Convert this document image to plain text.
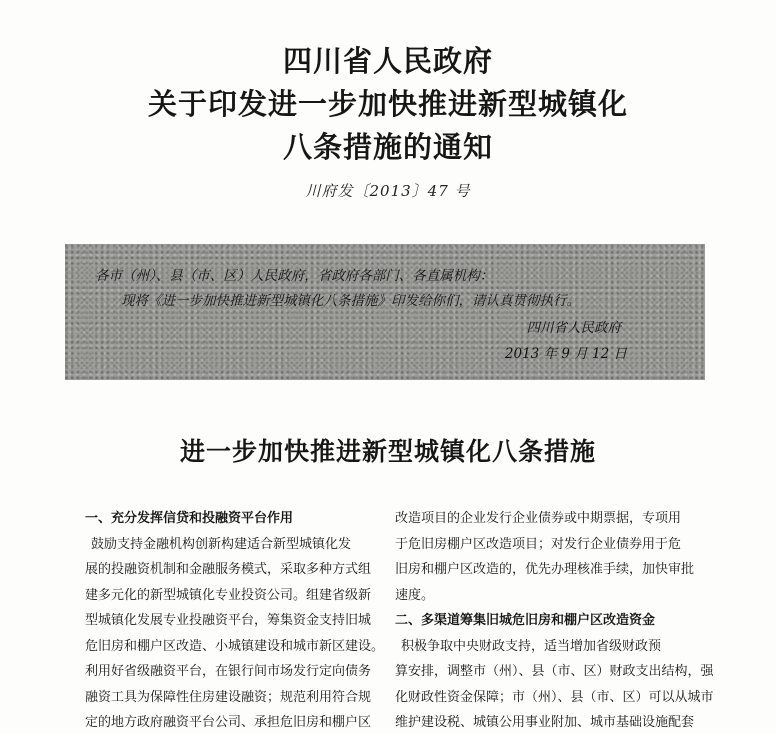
四川省人民政府
关于印发进一步加快推进新型城镇化
八条措施的通知
川府发〔2013〕47 号
各市（州）、县（市、区）人民政府，省政府各部门、各直属机构：
现将《进一步加快推进新型城镇化八条措施》印发给你们，请认真贯彻执行。
四川省人民政府
2013 年 9 月 12 日
进一步加快推进新型城镇化八条措施
一、充分发挥信贷和投融资平台作用
鼓励支持金融机构创新构建适合新型城镇化发
展的投融资机制和金融服务模式，采取多种方式组
建多元化的新型城镇化专业投资公司。组建省级新
型城镇化发展专业投融资平台，筹集资金支持旧城
危旧房和棚户区改造、小城镇建设和城市新区建设。
利用好省级融资平台，在银行间市场发行定向债务
融资工具为保障性住房建设融资；规范利用符合规
定的地方政府融资平台公司、承担危旧房和棚户区
改造项目的企业发行企业债券或中期票据，专项用
于危旧房棚户区改造项目；对发行企业债券用于危
旧房和棚户区改造的，优先办理核准手续，加快审批
速度。
二、多渠道筹集旧城危旧房和棚户区改造资金
积极争取中央财政支持，适当增加省级财政预
算安排，调整市（州）、县（市、区）财政支出结构，强
化财政性资金保障；市（州）、县（市、区）可以从城市
维护建设税、城镇公用事业附加、城市基础设施配套
